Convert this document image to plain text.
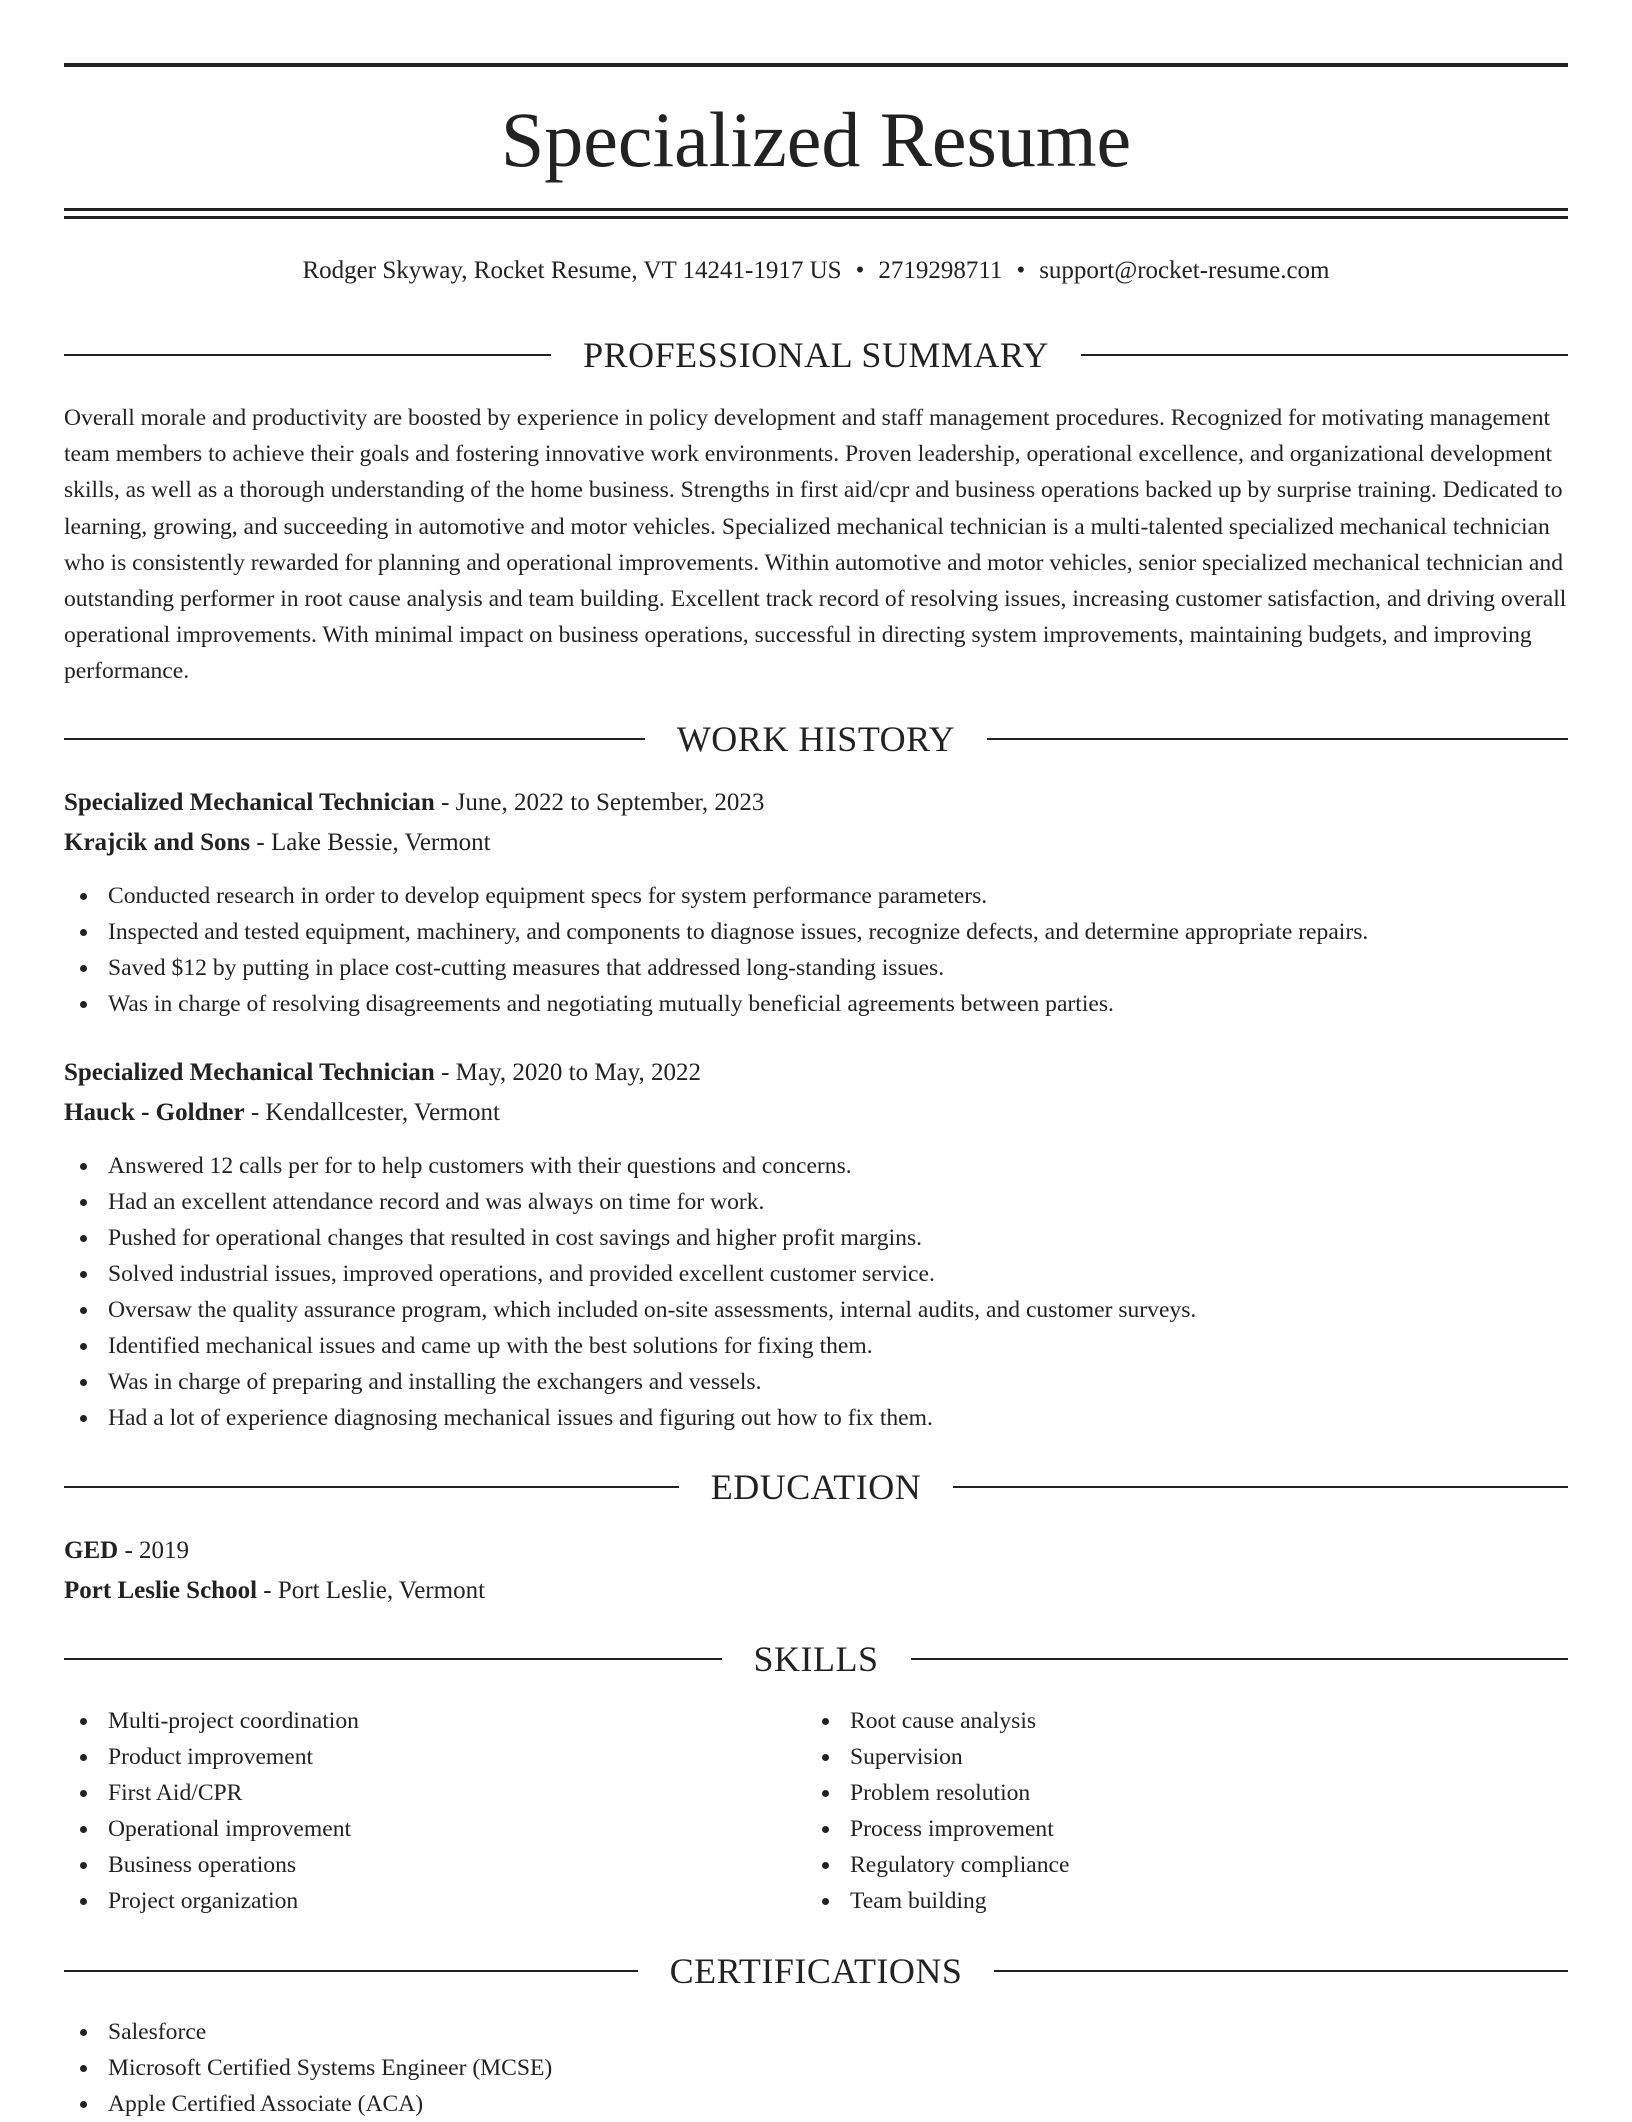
Specialized Resume
Rodger Skyway, Rocket Resume, VT 14241-1917 US • 2719298711 • support@rocket-resume.com
PROFESSIONAL SUMMARY

Overall morale and productivity are boosted by experience in policy development and staff management procedures. Recognized for motivating management team members to achieve their goals and fostering innovative work environments. Proven leadership, operational excellence, and organizational development skills, as well as a thorough understanding of the home business. Strengths in first aid/cpr and business operations backed up by surprise training. Dedicated to learning, growing, and succeeding in automotive and motor vehicles. Specialized mechanical technician is a multi-talented specialized mechanical technician who is consistently rewarded for planning and operational improvements. Within automotive and motor vehicles, senior specialized mechanical technician and outstanding performer in root cause analysis and team building. Excellent track record of resolving issues, increasing customer satisfaction, and driving overall operational improvements. With minimal impact on business operations, successful in directing system improvements, maintaining budgets, and improving performance.

WORK HISTORY
Specialized Mechanical Technician - June, 2022 to September, 2023
Krajcik and Sons - Lake Bessie, Vermont
Conducted research in order to develop equipment specs for system performance parameters.
Inspected and tested equipment, machinery, and components to diagnose issues, recognize defects, and determine appropriate repairs.
Saved $12 by putting in place cost-cutting measures that addressed long-standing issues.
Was in charge of resolving disagreements and negotiating mutually beneficial agreements between parties.
Specialized Mechanical Technician - May, 2020 to May, 2022
Hauck - Goldner - Kendallcester, Vermont
Answered 12 calls per for to help customers with their questions and concerns.
Had an excellent attendance record and was always on time for work.
Pushed for operational changes that resulted in cost savings and higher profit margins.
Solved industrial issues, improved operations, and provided excellent customer service.
Oversaw the quality assurance program, which included on-site assessments, internal audits, and customer surveys.
Identified mechanical issues and came up with the best solutions for fixing them.
Was in charge of preparing and installing the exchangers and vessels.
Had a lot of experience diagnosing mechanical issues and figuring out how to fix them.
EDUCATION
GED - 2019
Port Leslie School - Port Leslie, Vermont
SKILLS
Multi-project coordination
Product improvement
First Aid/CPR
Operational improvement
Business operations
Project organization
Root cause analysis
Supervision
Problem resolution
Process improvement
Regulatory compliance
Team building
CERTIFICATIONS
Salesforce
Microsoft Certified Systems Engineer (MCSE)
Apple Certified Associate (ACA)
